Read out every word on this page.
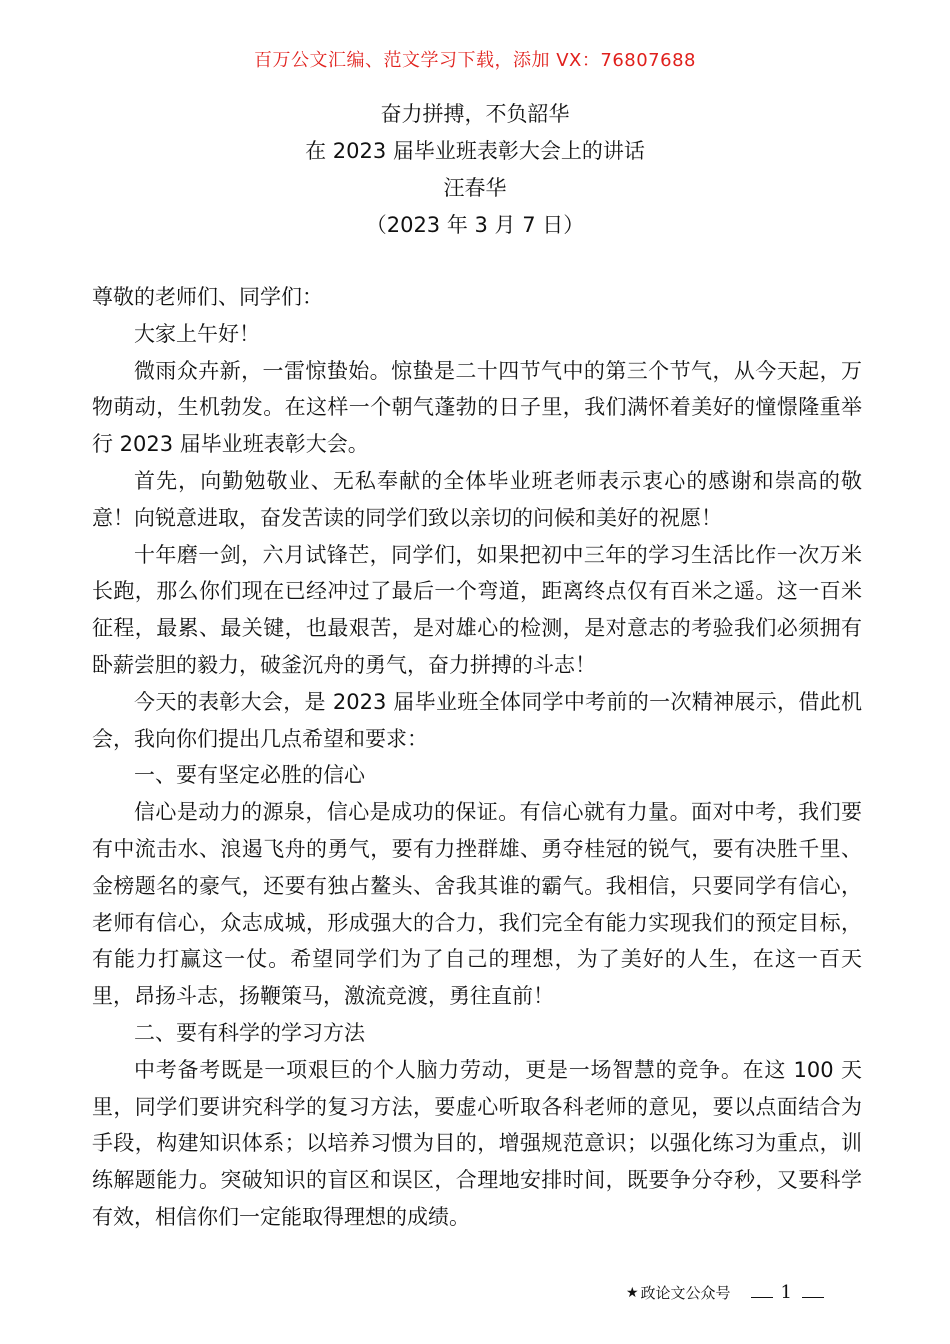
百万公文汇编、范文学习下载，添加 VX：76807688
奋力拼搏，不负韶华
在 2023 届毕业班表彰大会上的讲话
汪春华
（2023 年 3 月 7 日）

尊敬的老师们、同学们：

大家上午好！

微雨众卉新，一雷惊蛰始。惊蛰是二十四节气中的第三个节气，从今天起，万物萌动，生机勃发。在这样一个朝气蓬勃的日子里，我们满怀着美好的憧憬隆重举行 2023 届毕业班表彰大会。

首先，向勤勉敬业、无私奉献的全体毕业班老师表示衷心的感谢和崇高的敬意！向锐意进取，奋发苦读的同学们致以亲切的问候和美好的祝愿！

十年磨一剑，六月试锋芒，同学们，如果把初中三年的学习生活比作一次万米长跑，那么你们现在已经冲过了最后一个弯道，距离终点仅有百米之遥。这一百米征程，最累、最关键，也最艰苦，是对雄心的检测，是对意志的考验我们必须拥有卧薪尝胆的毅力，破釜沉舟的勇气，奋力拼搏的斗志！

今天的表彰大会，是 2023 届毕业班全体同学中考前的一次精神展示，借此机会，我向你们提出几点希望和要求：

一、要有坚定必胜的信心

信心是动力的源泉，信心是成功的保证。有信心就有力量。面对中考，我们要有中流击水、浪遏飞舟的勇气，要有力挫群雄、勇夺桂冠的锐气，要有决胜千里、金榜题名的豪气，还要有独占鳌头、舍我其谁的霸气。我相信，只要同学有信心，老师有信心，众志成城，形成强大的合力，我们完全有能力实现我们的预定目标，有能力打赢这一仗。希望同学们为了自己的理想，为了美好的人生，在这一百天里，昂扬斗志，扬鞭策马，激流竞渡，勇往直前！

二、要有科学的学习方法

中考备考既是一项艰巨的个人脑力劳动，更是一场智慧的竞争。在这 100 天里，同学们要讲究科学的复习方法，要虚心听取各科老师的意见，要以点面结合为手段，构建知识体系；以培养习惯为目的，增强规范意识；以强化练习为重点，训练解题能力。突破知识的盲区和误区，合理地安排时间，既要争分夺秒，又要科学有效，相信你们一定能取得理想的成绩。

★ 政论文公众号	1
